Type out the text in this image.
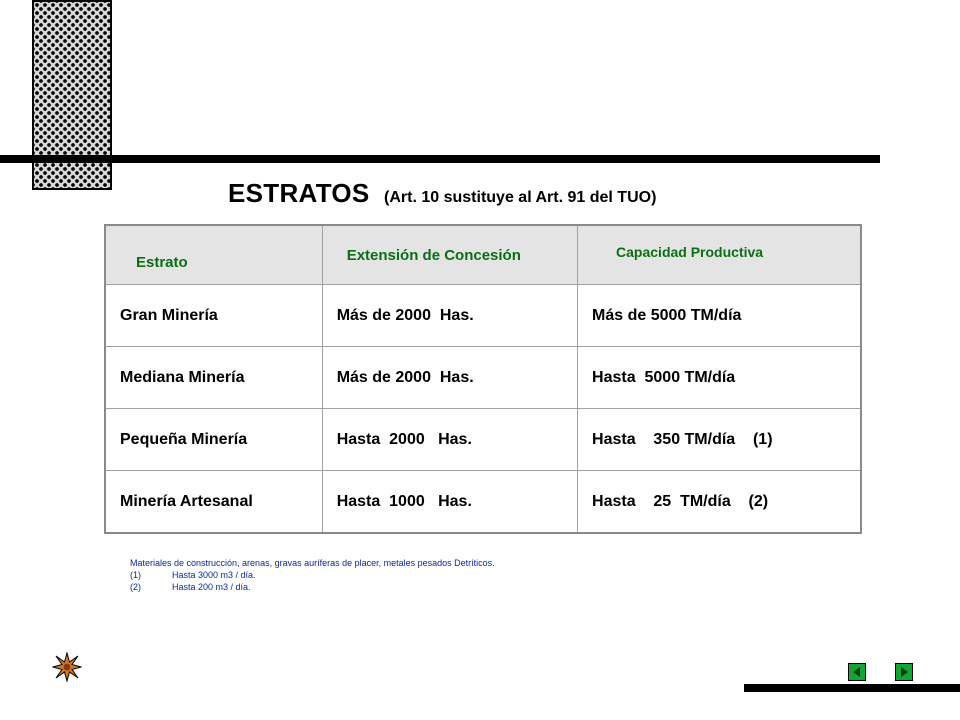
ESTRATOS (Art. 10 sustituye al Art. 91 del TUO)
Estrato	Extensión de Concesión	Capacidad Productiva
Gran Minería	Más de 2000  Has.	Más de 5000 TM/día
Mediana Minería	Más de 2000  Has.	Hasta  5000 TM/día
Pequeña Minería	Hasta  2000   Has.	Hasta    350 TM/día    (1)
Minería Artesanal	Hasta  1000   Has.	Hasta    25  TM/día    (2)
Materiales de construcción, arenas, gravas auríferas de placer, metales pesados Detríticos.
(1)	Hasta 3000 m3 / día.
(2)	Hasta 200 m3 / día.
